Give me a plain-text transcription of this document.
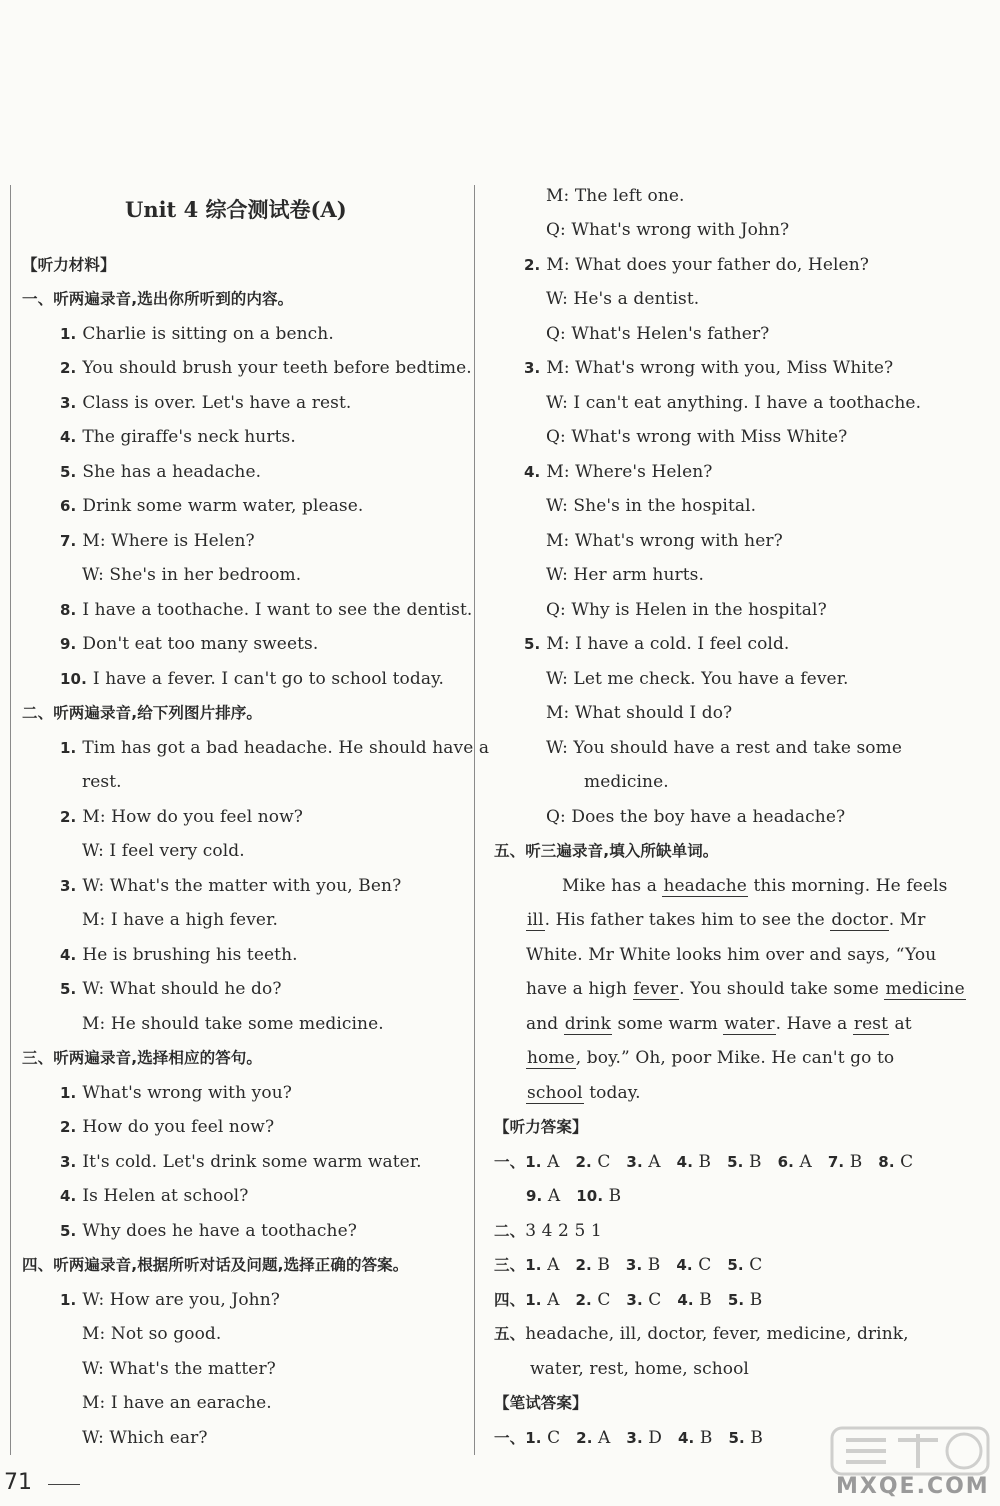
Unit 4 综合测试卷(A)
【听力材料】
一、听两遍录音,选出你所听到的内容。
1. Charlie is sitting on a bench.
2. You should brush your teeth before bedtime.
3. Class is over. Let's have a rest.
4. The giraffe's neck hurts.
5. She has a headache.
6. Drink some warm water, please.
7. M: Where is Helen?
W: She's in her bedroom.
8. I have a toothache. I want to see the dentist.
9. Don't eat too many sweets.
10. I have a fever. I can't go to school today.
二、听两遍录音,给下列图片排序。
1. Tim has got a bad headache. He should have a
rest.
2. M: How do you feel now?
W: I feel very cold.
3. W: What's the matter with you, Ben?
M: I have a high fever.
4. He is brushing his teeth.
5. W: What should he do?
M: He should take some medicine.
三、听两遍录音,选择相应的答句。
1. What's wrong with you?
2. How do you feel now?
3. It's cold. Let's drink some warm water.
4. Is Helen at school?
5. Why does he have a toothache?
四、听两遍录音,根据所听对话及问题,选择正确的答案。
1. W: How are you, John?
M: Not so good.
W: What's the matter?
M: I have an earache.
W: Which ear?
M: The left one.
Q: What's wrong with John?
2. M: What does your father do, Helen?
W: He's a dentist.
Q: What's Helen's father?
3. M: What's wrong with you, Miss White?
W: I can't eat anything. I have a toothache.
Q: What's wrong with Miss White?
4. M: Where's Helen?
W: She's in the hospital.
M: What's wrong with her?
W: Her arm hurts.
Q: Why is Helen in the hospital?
5. M: I have a cold. I feel cold.
W: Let me check. You have a fever.
M: What should I do?
W: You should have a rest and take some
medicine.
Q: Does the boy have a headache?
五、听三遍录音,填入所缺单词。
Mike has a headache this morning. He feels
ill. His father takes him to see the doctor. Mr
White. Mr White looks him over and says, “You
have a high fever. You should take some medicine
and drink some warm water. Have a rest at
home, boy.” Oh, poor Mike. He can't go to
school today.
【听力答案】
一、1. A 2. C 3. A 4. B 5. B 6. A 7. B 8. C
9. A 10. B
二、3 4 2 5 1
三、1. A 2. B 3. B 4. C 5. C
四、1. A 2. C 3. C 4. B 5. B
五、headache, ill, doctor, fever, medicine, drink,
water, rest, home, school
【笔试答案】
一、1. C 2. A 3. D 4. B 5. B
71	MXQE.COM
